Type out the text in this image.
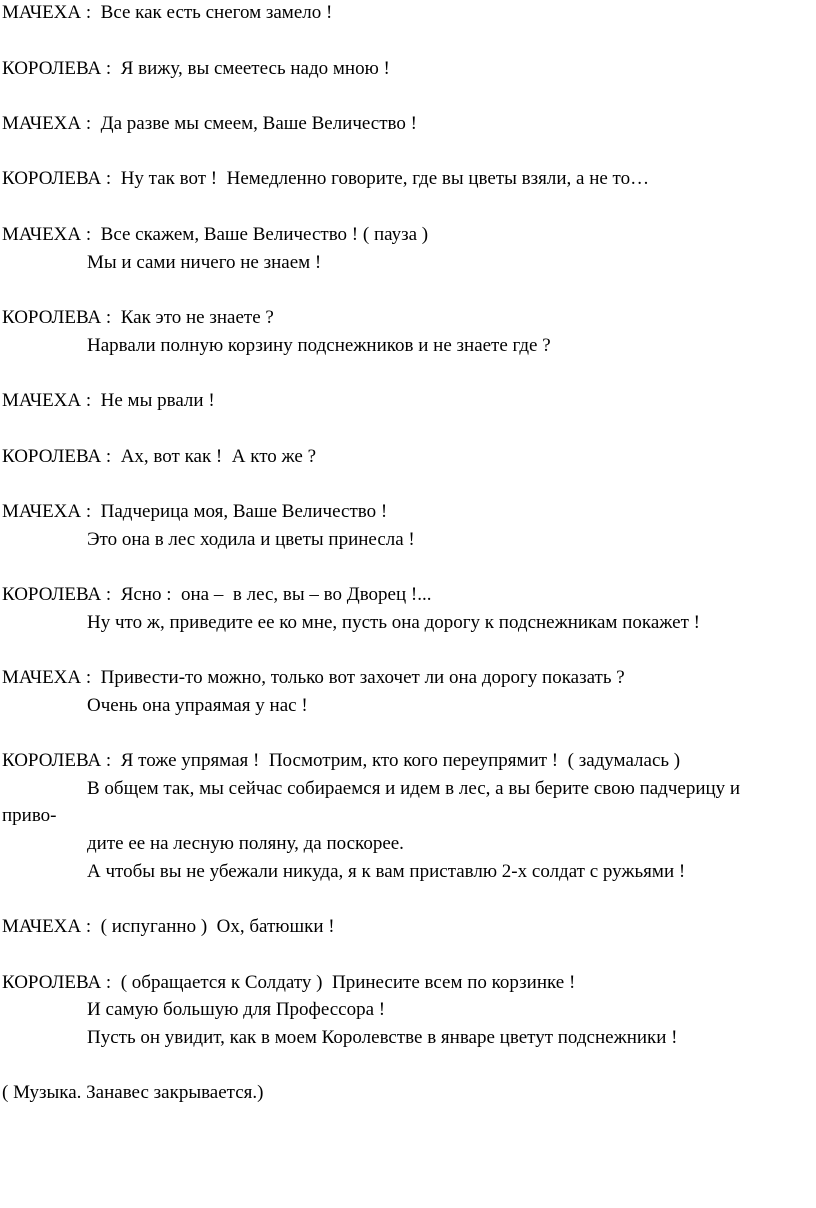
МАЧЕХА :  Все как есть снегом замело !
КОРОЛЕВА :  Я вижу, вы смеетесь надо мною !
МАЧЕХА :  Да разве мы смеем, Ваше Величество !
КОРОЛЕВА :  Ну так вот !  Немедленно говорите, где вы цветы взяли, а не то…
МАЧЕХА :  Все скажем, Ваше Величество ! ( пауза )
Мы и сами ничего не знаем !
КОРОЛЕВА :  Как это не знаете ?
Нарвали полную корзину подснежников и не знаете где ?
МАЧЕХА :  Не мы рвали !
КОРОЛЕВА :  Ах, вот как !  А кто же ?
МАЧЕХА :  Падчерица моя, Ваше Величество !
Это она в лес ходила и цветы принесла !
КОРОЛЕВА :  Ясно :  она –  в лес, вы – во Дворец !...
Ну что ж, приведите ее ко мне, пусть она дорогу к подснежникам покажет !
МАЧЕХА :  Привести-то можно, только вот захочет ли она дорогу показать ?
Очень она упраямая у нас !
КОРОЛЕВА :  Я тоже упрямая !  Посмотрим, кто кого переупрямит !  ( задумалась )
В общем так, мы сейчас собираемся и идем в лес, а вы берите свою падчерицу и
приво-
дите ее на лесную поляну, да поскорее.
А чтобы вы не убежали никуда, я к вам приставлю 2-х солдат с ружьями !
МАЧЕХА :  ( испуганно )  Ох, батюшки !
КОРОЛЕВА :  ( обращается к Солдату )  Принесите всем по корзинке !
И самую большую для Профессора !
Пусть он увидит, как в моем Королевстве в январе цветут подснежники !
( Музыка. Занавес закрывается.)
